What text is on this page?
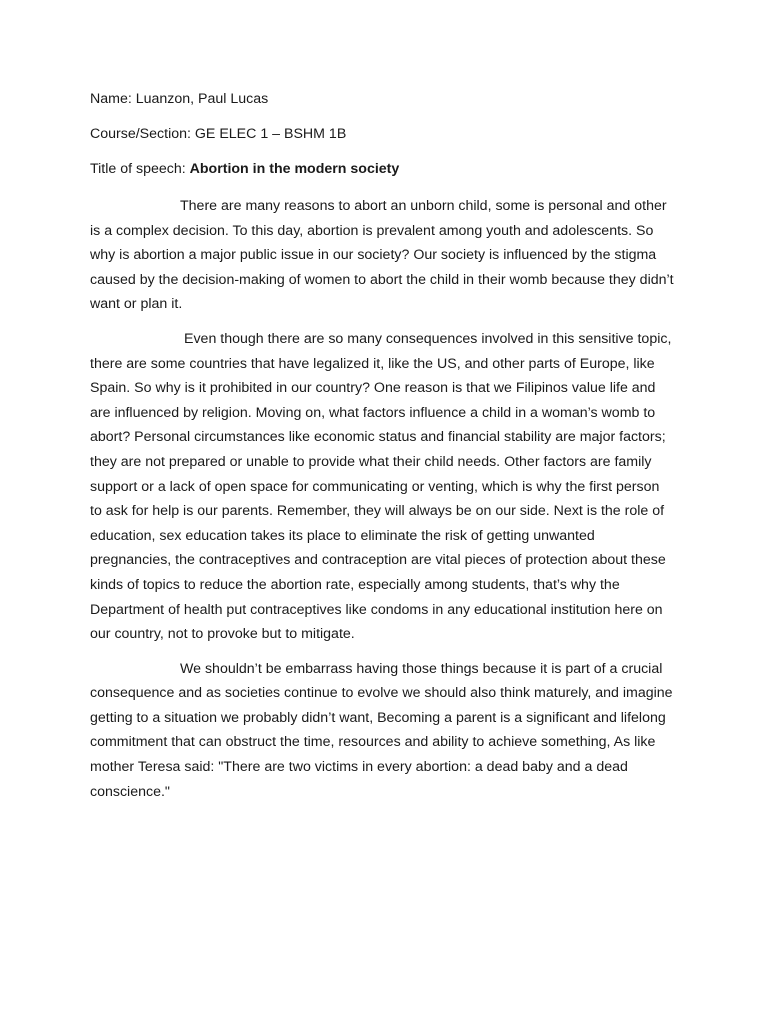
Name: Luanzon, Paul Lucas

Course/Section: GE ELEC 1 – BSHM 1B

Title of speech: Abortion in the modern society

There are many reasons to abort an unborn child, some is personal and other is a complex decision. To this day, abortion is prevalent among youth and adolescents. So why is abortion a major public issue in our society? Our society is influenced by the stigma caused by the decision-making of women to abort the child in their womb because they didn’t want or plan it.

Even though there are so many consequences involved in this sensitive topic, there are some countries that have legalized it, like the US, and other parts of Europe, like Spain. So why is it prohibited in our country? One reason is that we Filipinos value life and are influenced by religion. Moving on, what factors influence a child in a woman’s womb to abort? Personal circumstances like economic status and financial stability are major factors; they are not prepared or unable to provide what their child needs. Other factors are family support or a lack of open space for communicating or venting, which is why the first person to ask for help is our parents. Remember, they will always be on our side. Next is the role of education, sex education takes its place to eliminate the risk of getting unwanted pregnancies, the contraceptives and contraception are vital pieces of protection about these kinds of topics to reduce the abortion rate, especially among students, that’s why the Department of health put contraceptives like condoms in any educational institution here on our country, not to provoke but to mitigate.

We shouldn’t be embarrass having those things because it is part of a crucial consequence and as societies continue to evolve we should also think maturely, and imagine getting to a situation we probably didn’t want, Becoming a parent is a significant and lifelong commitment that can obstruct the time, resources and ability to achieve something, As like mother Teresa said: "There are two victims in every abortion: a dead baby and a dead conscience."
